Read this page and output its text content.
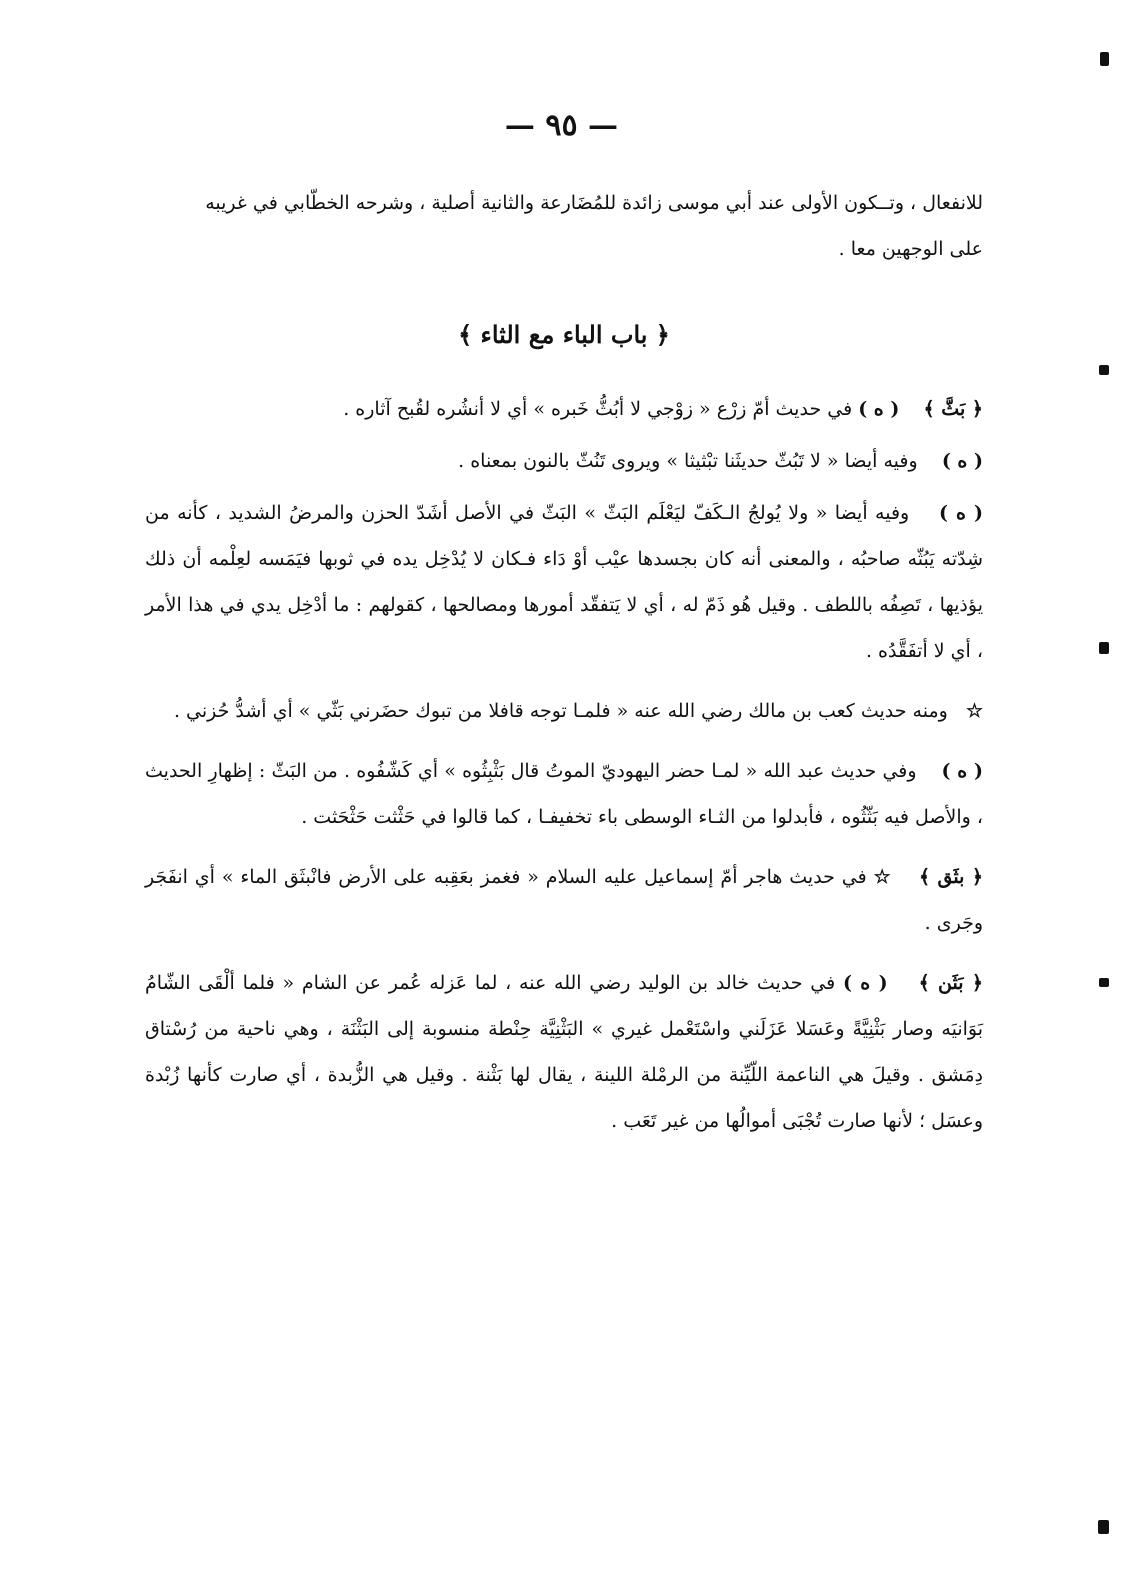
— ٩٥ —

للانفعال ، وتــكون الأولى عند أبي موسى زائدة للمُضَارعة والثانية أصلية ، وشرحه الخطّابي في غريبه
على الوجهين معا .

﴿ باب الباء مع الثاء ﴾

﴿ بَثَّ ﴾    ( ه ) في حديث أمّ زرْع « زوْجي لا أبُثُّ خَبره » أي لا أنشُره لقُبح آثاره .

( ه )    وفيه أيضا « لا تَبُثّ حديثَنا تبْثيثا » ويروى تَنُثّ بالنون بمعناه .

( ه )    وفيه أيضا « ولا يُولجُ الـكَفّ ليَعْلَم البَثّ » البَثّ في الأصل أشَدّ الحزن والمرضُ الشديد ، كأنه من شِدّته يَبُثّه صاحبُه ، والمعنى أنه كان بجسدها عيْب أوْ دَاء فـكان لا يُدْخِل يده في ثوبها فيَمَسه لعِلْمه أن ذلك يؤذيها ، تَصِفُه باللطف . وقيل هُو ذَمّ له ، أي لا يَتفقّد أمورها ومصالحها ، كقولهم : ما أدْخِل يدي في هذا الأمر ، أي لا أتفَقَّدُه .

☆   ومنه حديث كعب بن مالك رضي الله عنه « فلمـا توجه قافلا من تبوك حضَرني بَثّي » أي أشدُّ حُزني .

( ه )    وفي حديث عبد الله « لمـا حضر اليهوديّ الموتُ قال بَثْبِثُوه » أي كَشّفُوه . من البَثّ : إظهارِ الحديث ، والأصل فيه بَثّثُوه ، فأبدلوا من الثـاء الوسطى باء تخفيفـا ، كما قالوا في حَثْثت حَثْحَثت .

﴿ بثَق ﴾    ☆ في حديث هاجر أمّ إسماعيل عليه السلام « فغمز بعَقِبه على الأرض فانْبثَق الماء » أي انفَجَر وجَرى .

﴿ بَثَن ﴾    ( ه ) في حديث خالد بن الوليد رضي الله عنه ، لما عَزله عُمر عن الشام « فلما ألْقَى الشّامُ بَوَانيَه وصار بَثْنِيَّةً وعَسَلا عَزَلَني واسْتَعْمل غيري » البَثْنِيَّة حِنْطة منسوبة إلى البَثْنَة ، وهي ناحية من رُسْتاق دِمَشق . وقيلَ هي الناعمة اللّيِّنة من الرمْلة اللينة ، يقال لها بَثْنة . وقيل هي الزُّبدة ، أي صارت كأنها زُبْدة وعسَل ؛ لأنها صارت تُجْبَى أموالُها من غير تَعَب .
